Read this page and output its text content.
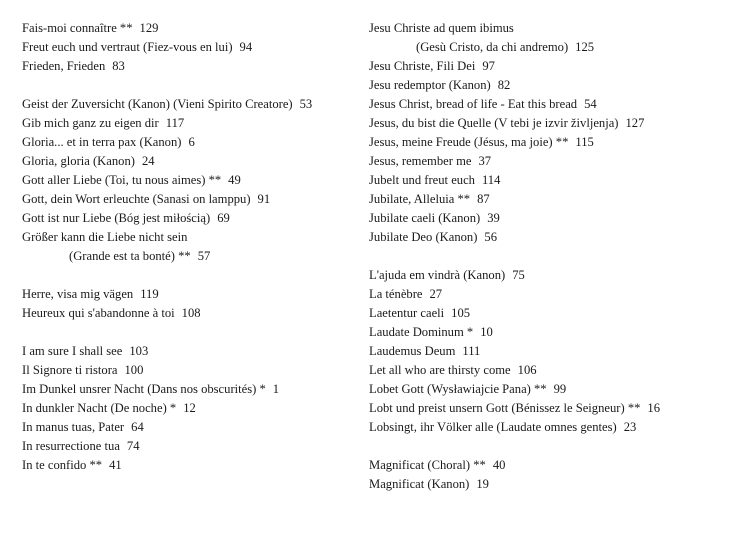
Fais-moi connaître ** 129
Freut euch und vertraut (Fiez-vous en lui) 94
Frieden, Frieden 83
Geist der Zuversicht (Kanon) (Vieni Spirito Creatore) 53
Gib mich ganz zu eigen dir 117
Gloria... et in terra pax (Kanon) 6
Gloria, gloria (Kanon) 24
Gott aller Liebe (Toi, tu nous aimes) ** 49
Gott, dein Wort erleuchte (Sanasi on lamppu) 91
Gott ist nur Liebe (Bóg jest miłością) 69
Größer kann die Liebe nicht sein
(Grande est ta bonté) ** 57
Herre, visa mig vägen 119
Heureux qui s'abandonne à toi 108
I am sure I shall see 103
Il Signore ti ristora 100
Im Dunkel unsrer Nacht (Dans nos obscurités) * 1
In dunkler Nacht (De noche) * 12
In manus tuas, Pater 64
In resurrectione tua 74
In te confido ** 41
Jesu Christe ad quem ibimus
(Gesù Cristo, da chi andremo) 125
Jesu Christe, Fili Dei 97
Jesu redemptor (Kanon) 82
Jesus Christ, bread of life - Eat this bread 54
Jesus, du bist die Quelle (V tebi je izvir življenja) 127
Jesus, meine Freude (Jésus, ma joie) ** 115
Jesus, remember me 37
Jubelt und freut euch 114
Jubilate, Alleluia ** 87
Jubilate caeli (Kanon) 39
Jubilate Deo (Kanon) 56
L'ajuda em vindrà (Kanon) 75
La ténèbre 27
Laetentur caeli 105
Laudate Dominum * 10
Laudemus Deum 111
Let all who are thirsty come 106
Lobet Gott (Wysławiajcie Pana) ** 99
Lobt und preist unsern Gott (Bénissez le Seigneur) ** 16
Lobsingt, ihr Völker alle (Laudate omnes gentes) 23
Magnificat (Choral) ** 40
Magnificat (Kanon) 19
